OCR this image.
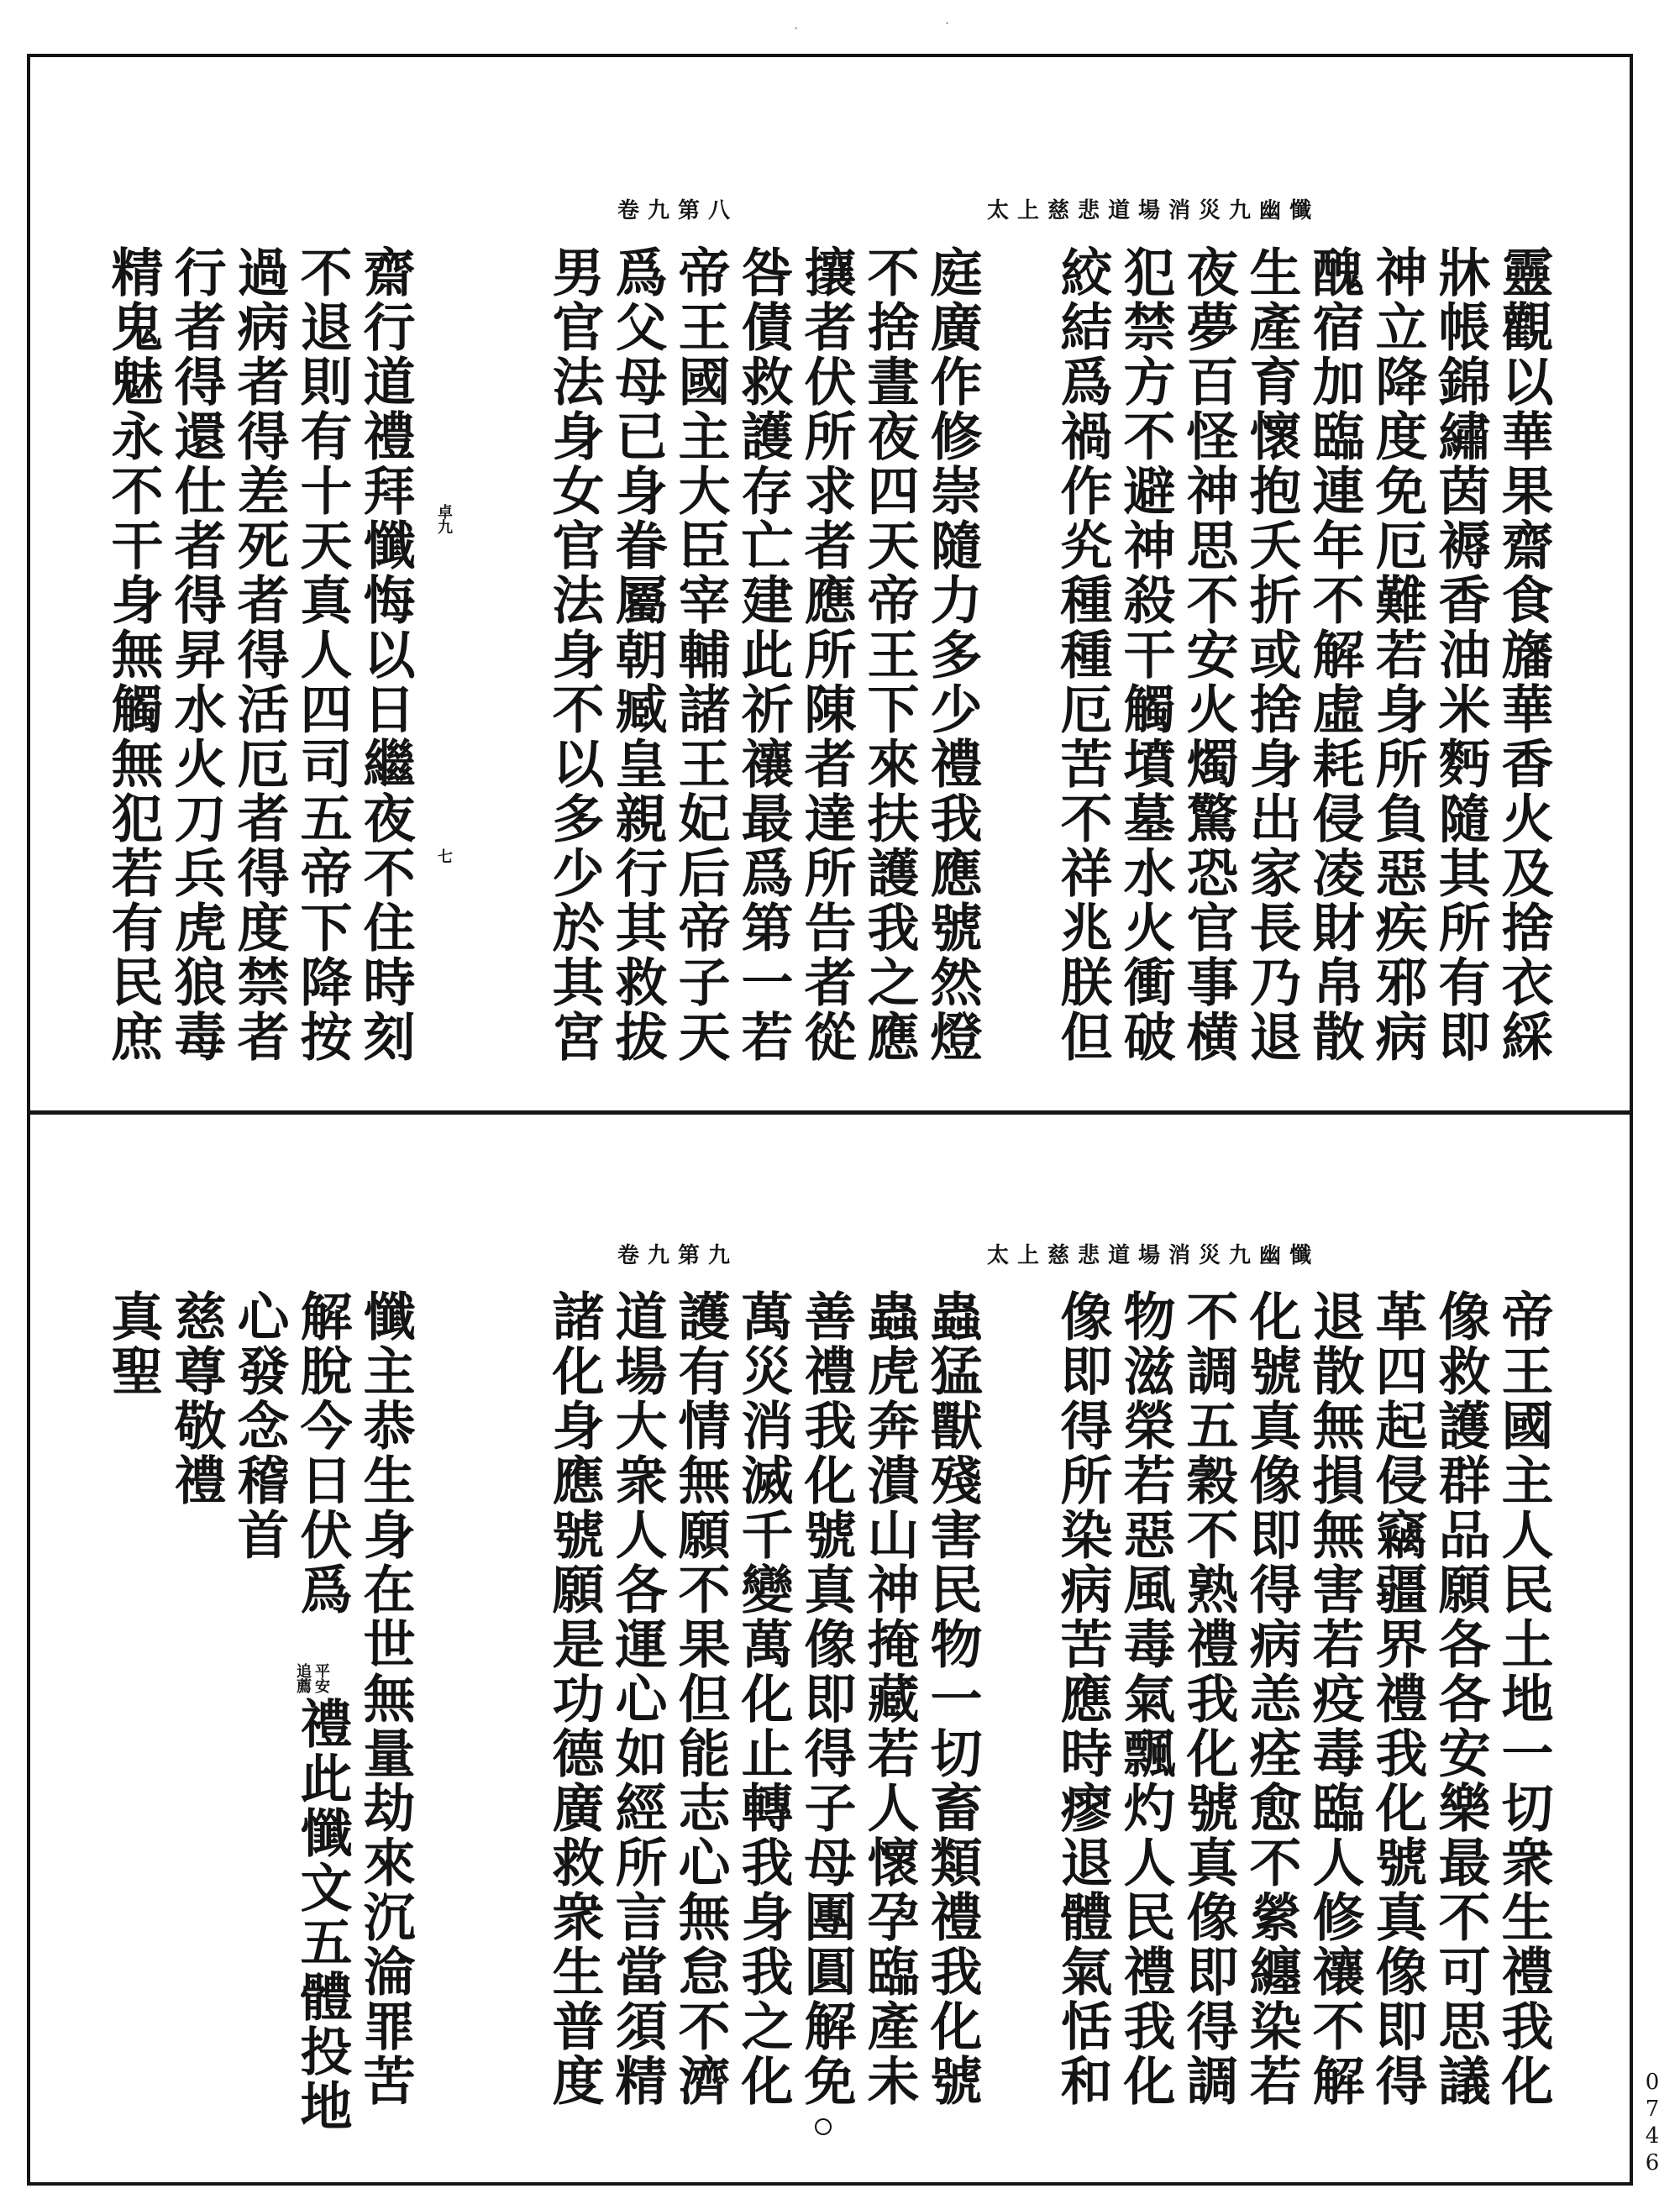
太上慈悲道場消災九幽懺
卷九第八
太上慈悲道場消災九幽懺
卷九第九
靈觀以華果齋食旛華香火及捨衣綵
牀帳錦繡茵褥香油米麪隨其所有即
神立降度免厄難若身所負惡疾邪病
醜宿加臨連年不解虛耗侵凌財帛散
生產育懷抱夭折或捨身出家長乃退
夜夢百怪神思不安火燭驚恐官事横
犯禁方不避神殺干觸墳墓水火衝破
絞結爲禍作㶢種種厄苦不祥兆朕但
庭廣作修崇隨力多少禮我應號然燈
不捨晝夜四天帝王下來扶護我之應
攘者伏所求者應所陳者達所告者從
咎債救護存亡建此祈禳最爲第一若
帝王國主大臣宰輔諸王妃后帝子天
爲父母已身眷屬朝臧皇親行其救拔
男官法身女官法身不以多少於其宮
齋行道禮拜懺悔以日繼夜不住時刻
不退則有十天真人四司五帝下降按
過病者得差死者得活厄者得度禁者
行者得還仕者得昇水火刀兵虎狼毒
精鬼魅永不干身無觸無犯若有民庶
卓九
七
帝王國主人民土地一切衆生禮我化
像救護群品願各各安樂最不可思議
革四起侵竊疆界禮我化號真像即得
退散無損無害若疫毒臨人修禳不解
化號真像即得病恙痊愈不縈纏染若
不調五穀不熟禮我化號真像即得調
物滋榮若惡風毒氣飄灼人民禮我化
像即得所染病苦應時瘳退體氣恬和
蟲猛獸殘害民物一切畜類禮我化號
蟲虎奔潰山神掩藏若人懷孕臨產未
善禮我化號真像即得子母團圓解免
萬災消滅千變萬化止轉我身我之化
護有情無願不果但能志心無怠不濟
道場大衆人各運心如經所言當須精
諸化身應號願是功德廣救衆生普度
懺主恭生身在世無量劫來沉淪罪苦
解脫今日伏爲
心發念稽首
慈尊敬禮
真聖
平安
追薦
禮此懺文五體投地	0746
·	·
